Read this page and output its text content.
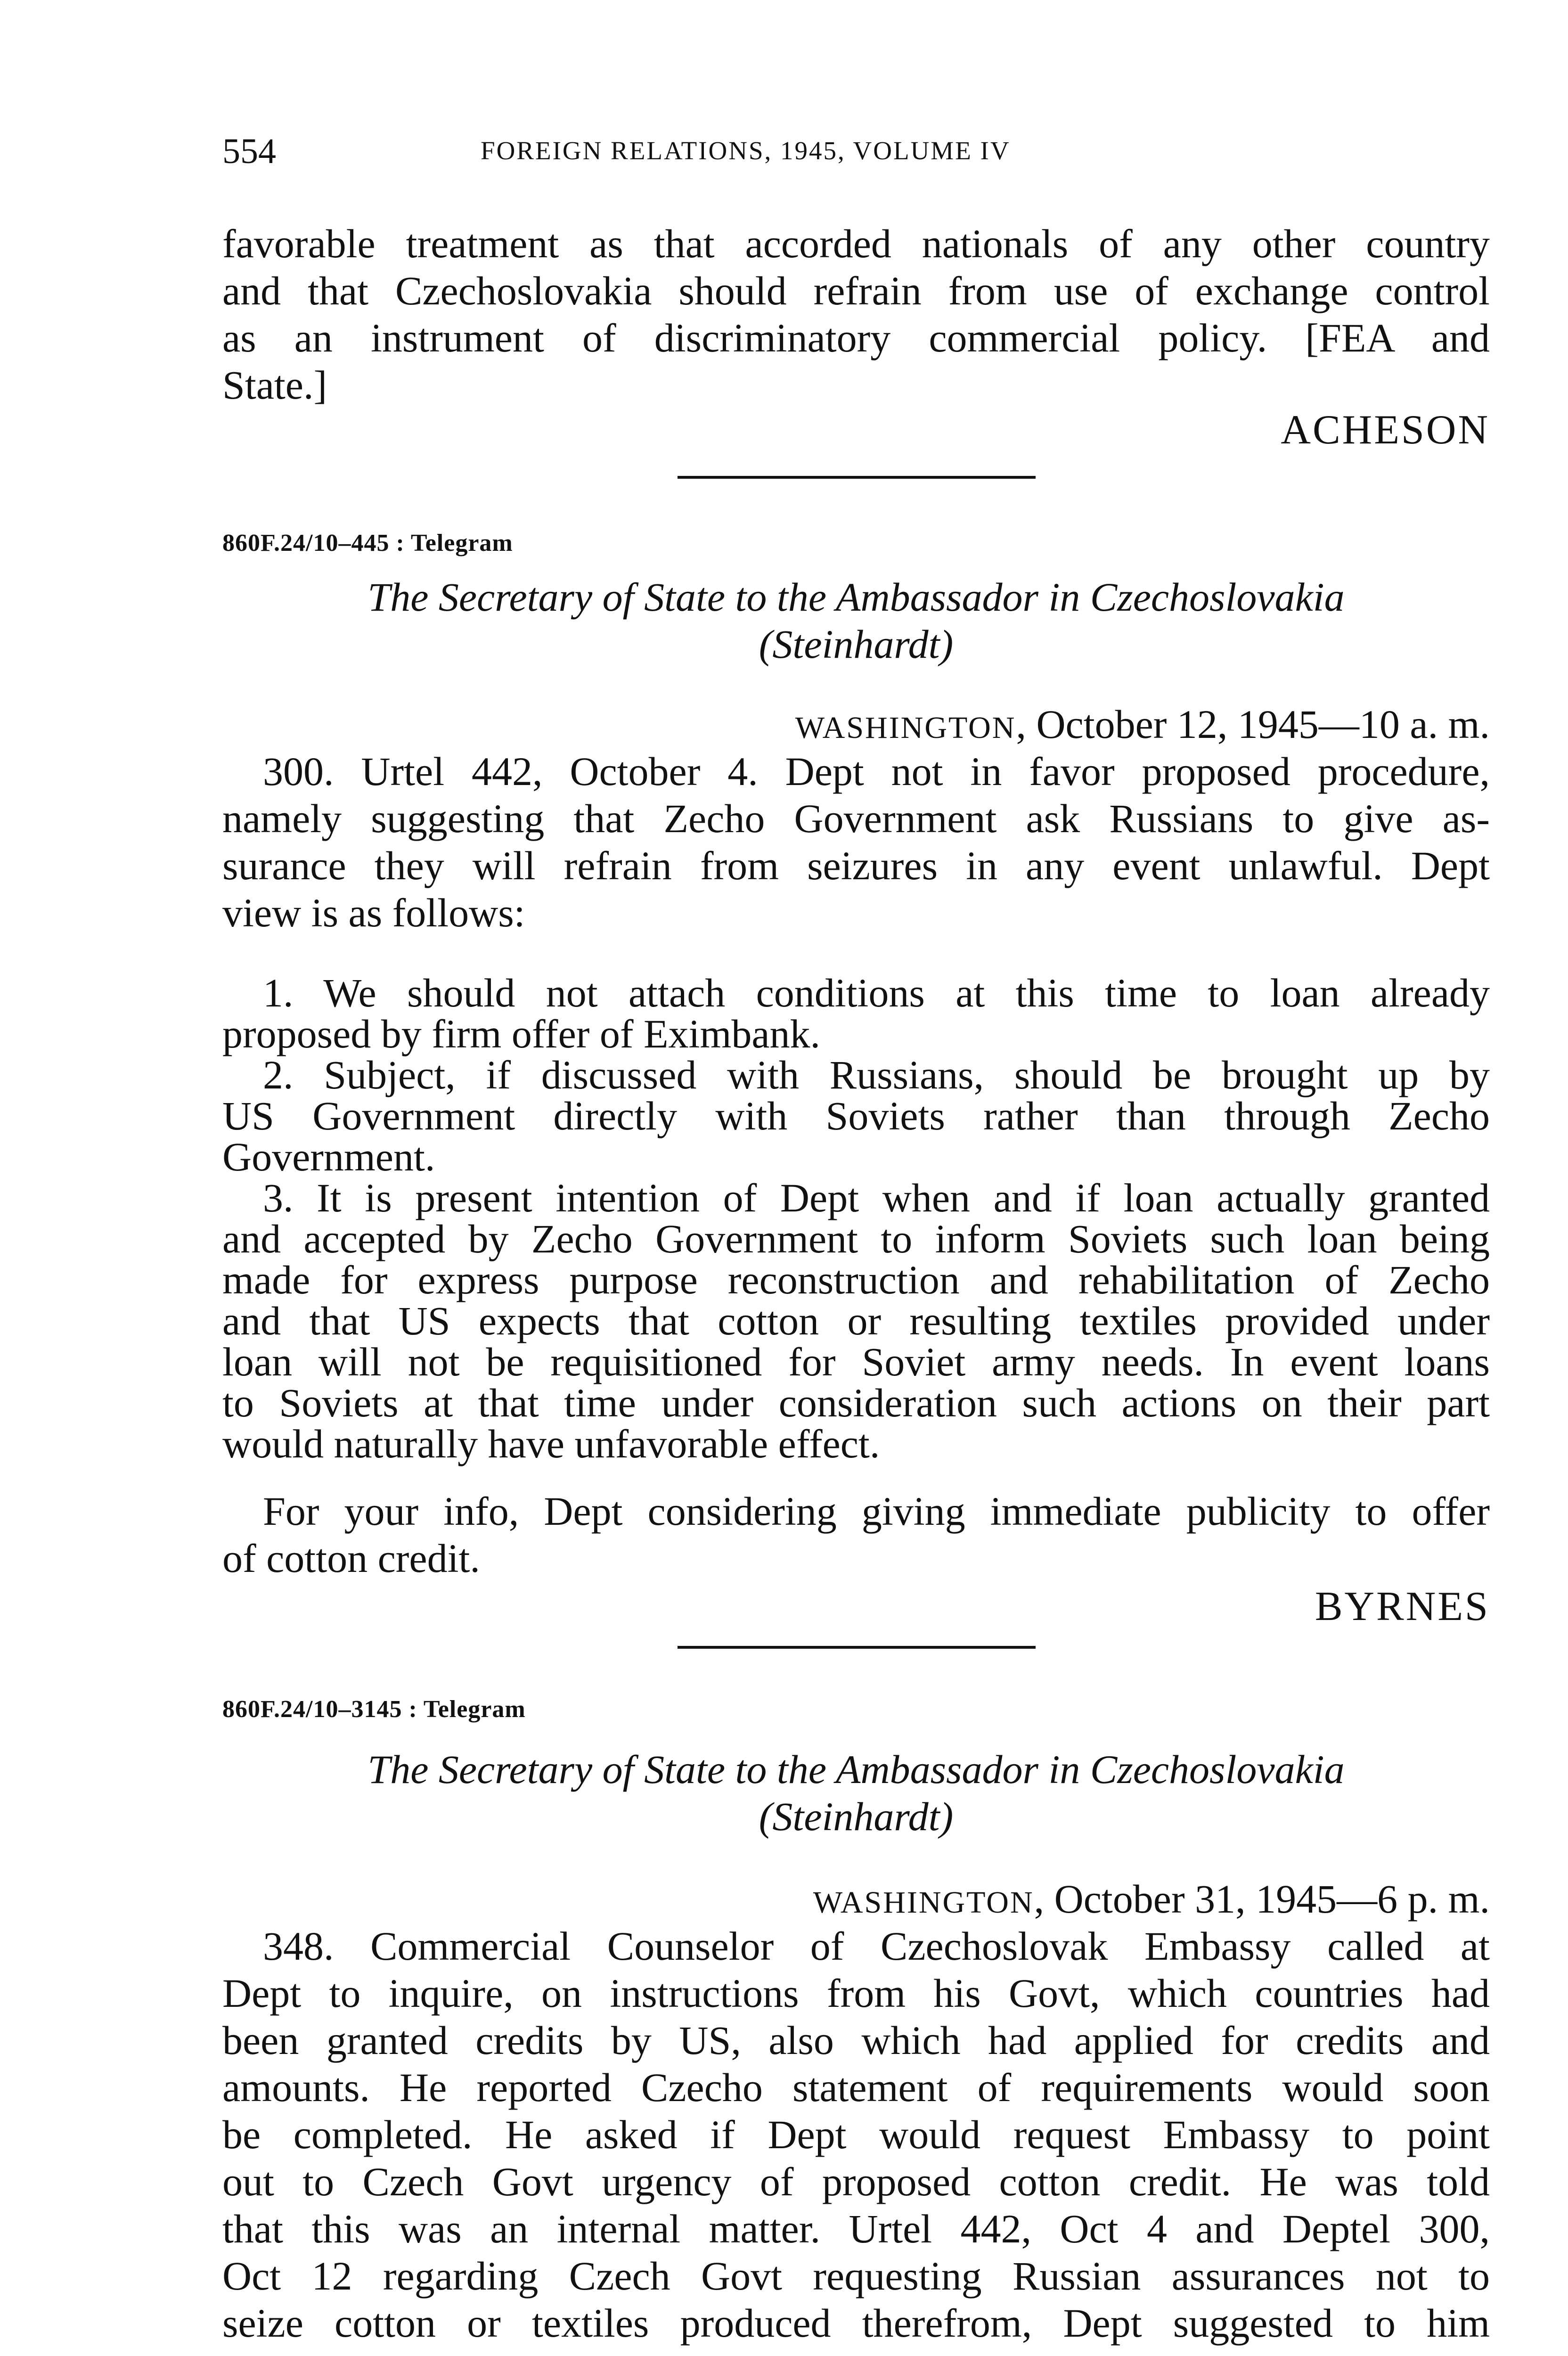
554	FOREIGN RELATIONS, 1945, VOLUME IV
favorable treatment as that accorded nationals of any other country
and that Czechoslovakia should refrain from use of exchange control
as an instrument of discriminatory commercial policy. [FEA and
State.]
ACHESON
860F.24/10–445 : Telegram
The Secretary of State to the Ambassador in Czechoslovakia
(Steinhardt)
WASHINGTON, October 12, 1945—10 a. m.
300. Urtel 442, October 4. Dept not in favor proposed procedure,
namely suggesting that Zecho Government ask Russians to give as-
surance they will refrain from seizures in any event unlawful. Dept
view is as follows:
1. We should not attach conditions at this time to loan already
proposed by firm offer of Eximbank.
2. Subject, if discussed with Russians, should be brought up by
US Government directly with Soviets rather than through Zecho
Government.
3. It is present intention of Dept when and if loan actually granted
and accepted by Zecho Government to inform Soviets such loan being
made for express purpose reconstruction and rehabilitation of Zecho
and that US expects that cotton or resulting textiles provided under
loan will not be requisitioned for Soviet army needs. In event loans
to Soviets at that time under consideration such actions on their part
would naturally have unfavorable effect.
For your info, Dept considering giving immediate publicity to offer
of cotton credit.
BYRNES
860F.24/10–3145 : Telegram
The Secretary of State to the Ambassador in Czechoslovakia
(Steinhardt)
WASHINGTON, October 31, 1945—6 p. m.
348. Commercial Counselor of Czechoslovak Embassy called at
Dept to inquire, on instructions from his Govt, which countries had
been granted credits by US, also which had applied for credits and
amounts. He reported Czecho statement of requirements would soon
be completed. He asked if Dept would request Embassy to point
out to Czech Govt urgency of proposed cotton credit. He was told
that this was an internal matter. Urtel 442, Oct 4 and Deptel 300,
Oct 12 regarding Czech Govt requesting Russian assurances not to
seize cotton or textiles produced therefrom, Dept suggested to him
